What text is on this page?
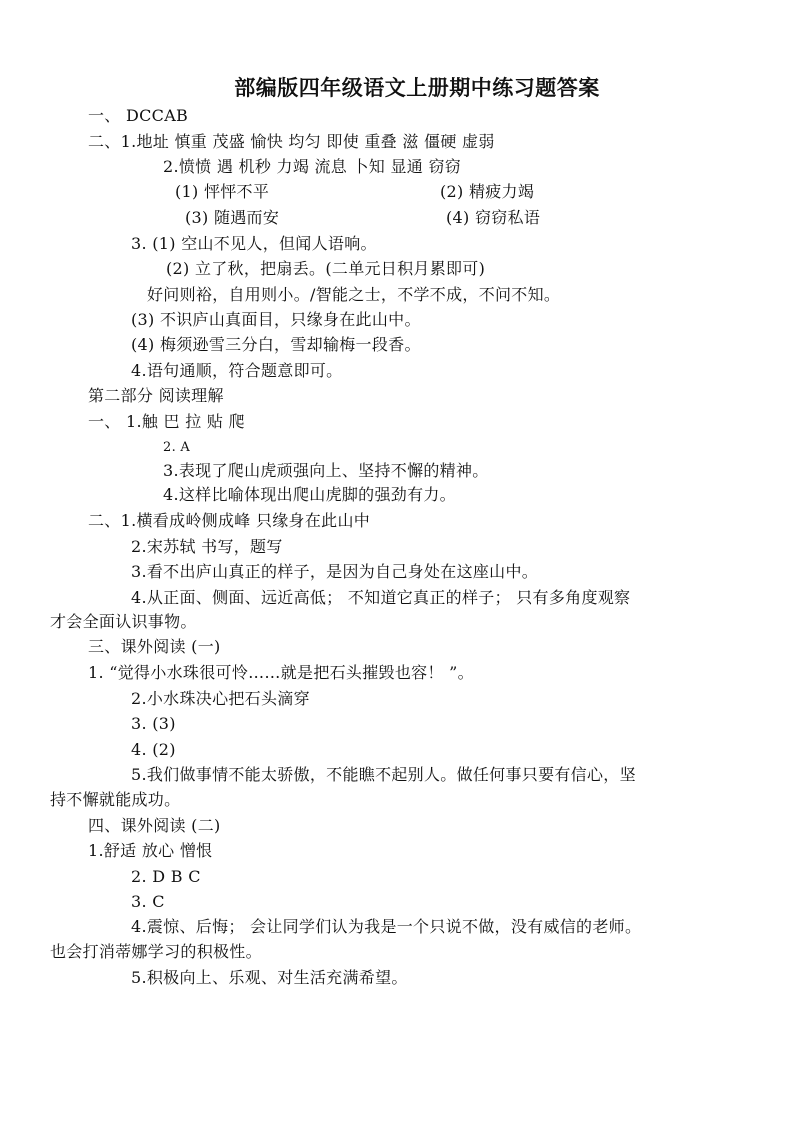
部编版四年级语文上册期中练习题答案
一、 DCCAB
二、1.地址 慎重 茂盛 愉快 均匀 即使 重叠 滋 僵硬 虚弱
2.愤愤 遇 机秒 力竭 流息 卜知 显通 窃窃
(1) 怦怦不平	(2) 精疲力竭
(3) 随遇而安	(4) 窃窃私语
3. (1) 空山不见人，但闻人语响。
(2) 立了秋，把扇丢。(二单元日积月累即可)
好问则裕，自用则小。/智能之士，不学不成，不问不知。
(3) 不识庐山真面目，只缘身在此山中。
(4) 梅须逊雪三分白，雪却输梅一段香。
4.语句通顺，符合题意即可。
第二部分 阅读理解
一、 1.触 巴 拉 贴 爬
2. A
3.表现了爬山虎顽强向上、坚持不懈的精神。
4.这样比喻体现出爬山虎脚的强劲有力。
二、1.横看成岭侧成峰 只缘身在此山中
2.宋苏轼 书写，题写
3.看不出庐山真正的样子，是因为自己身处在这座山中。
4.从正面、侧面、远近高低； 不知道它真正的样子； 只有多角度观察
才会全面认识事物。
三、课外阅读 (一)
1. “觉得小水珠很可怜……就是把石头摧毁也容！ ”。
2.小水珠决心把石头滴穿
3. (3)
4. (2)
5.我们做事情不能太骄傲，不能瞧不起别人。做任何事只要有信心，坚
持不懈就能成功。
四、课外阅读 (二)
1.舒适 放心 憎恨
2. D B C
3. C
4.震惊、后悔； 会让同学们认为我是一个只说不做，没有威信的老师。
也会打消蒂娜学习的积极性。
5.积极向上、乐观、对生活充满希望。
